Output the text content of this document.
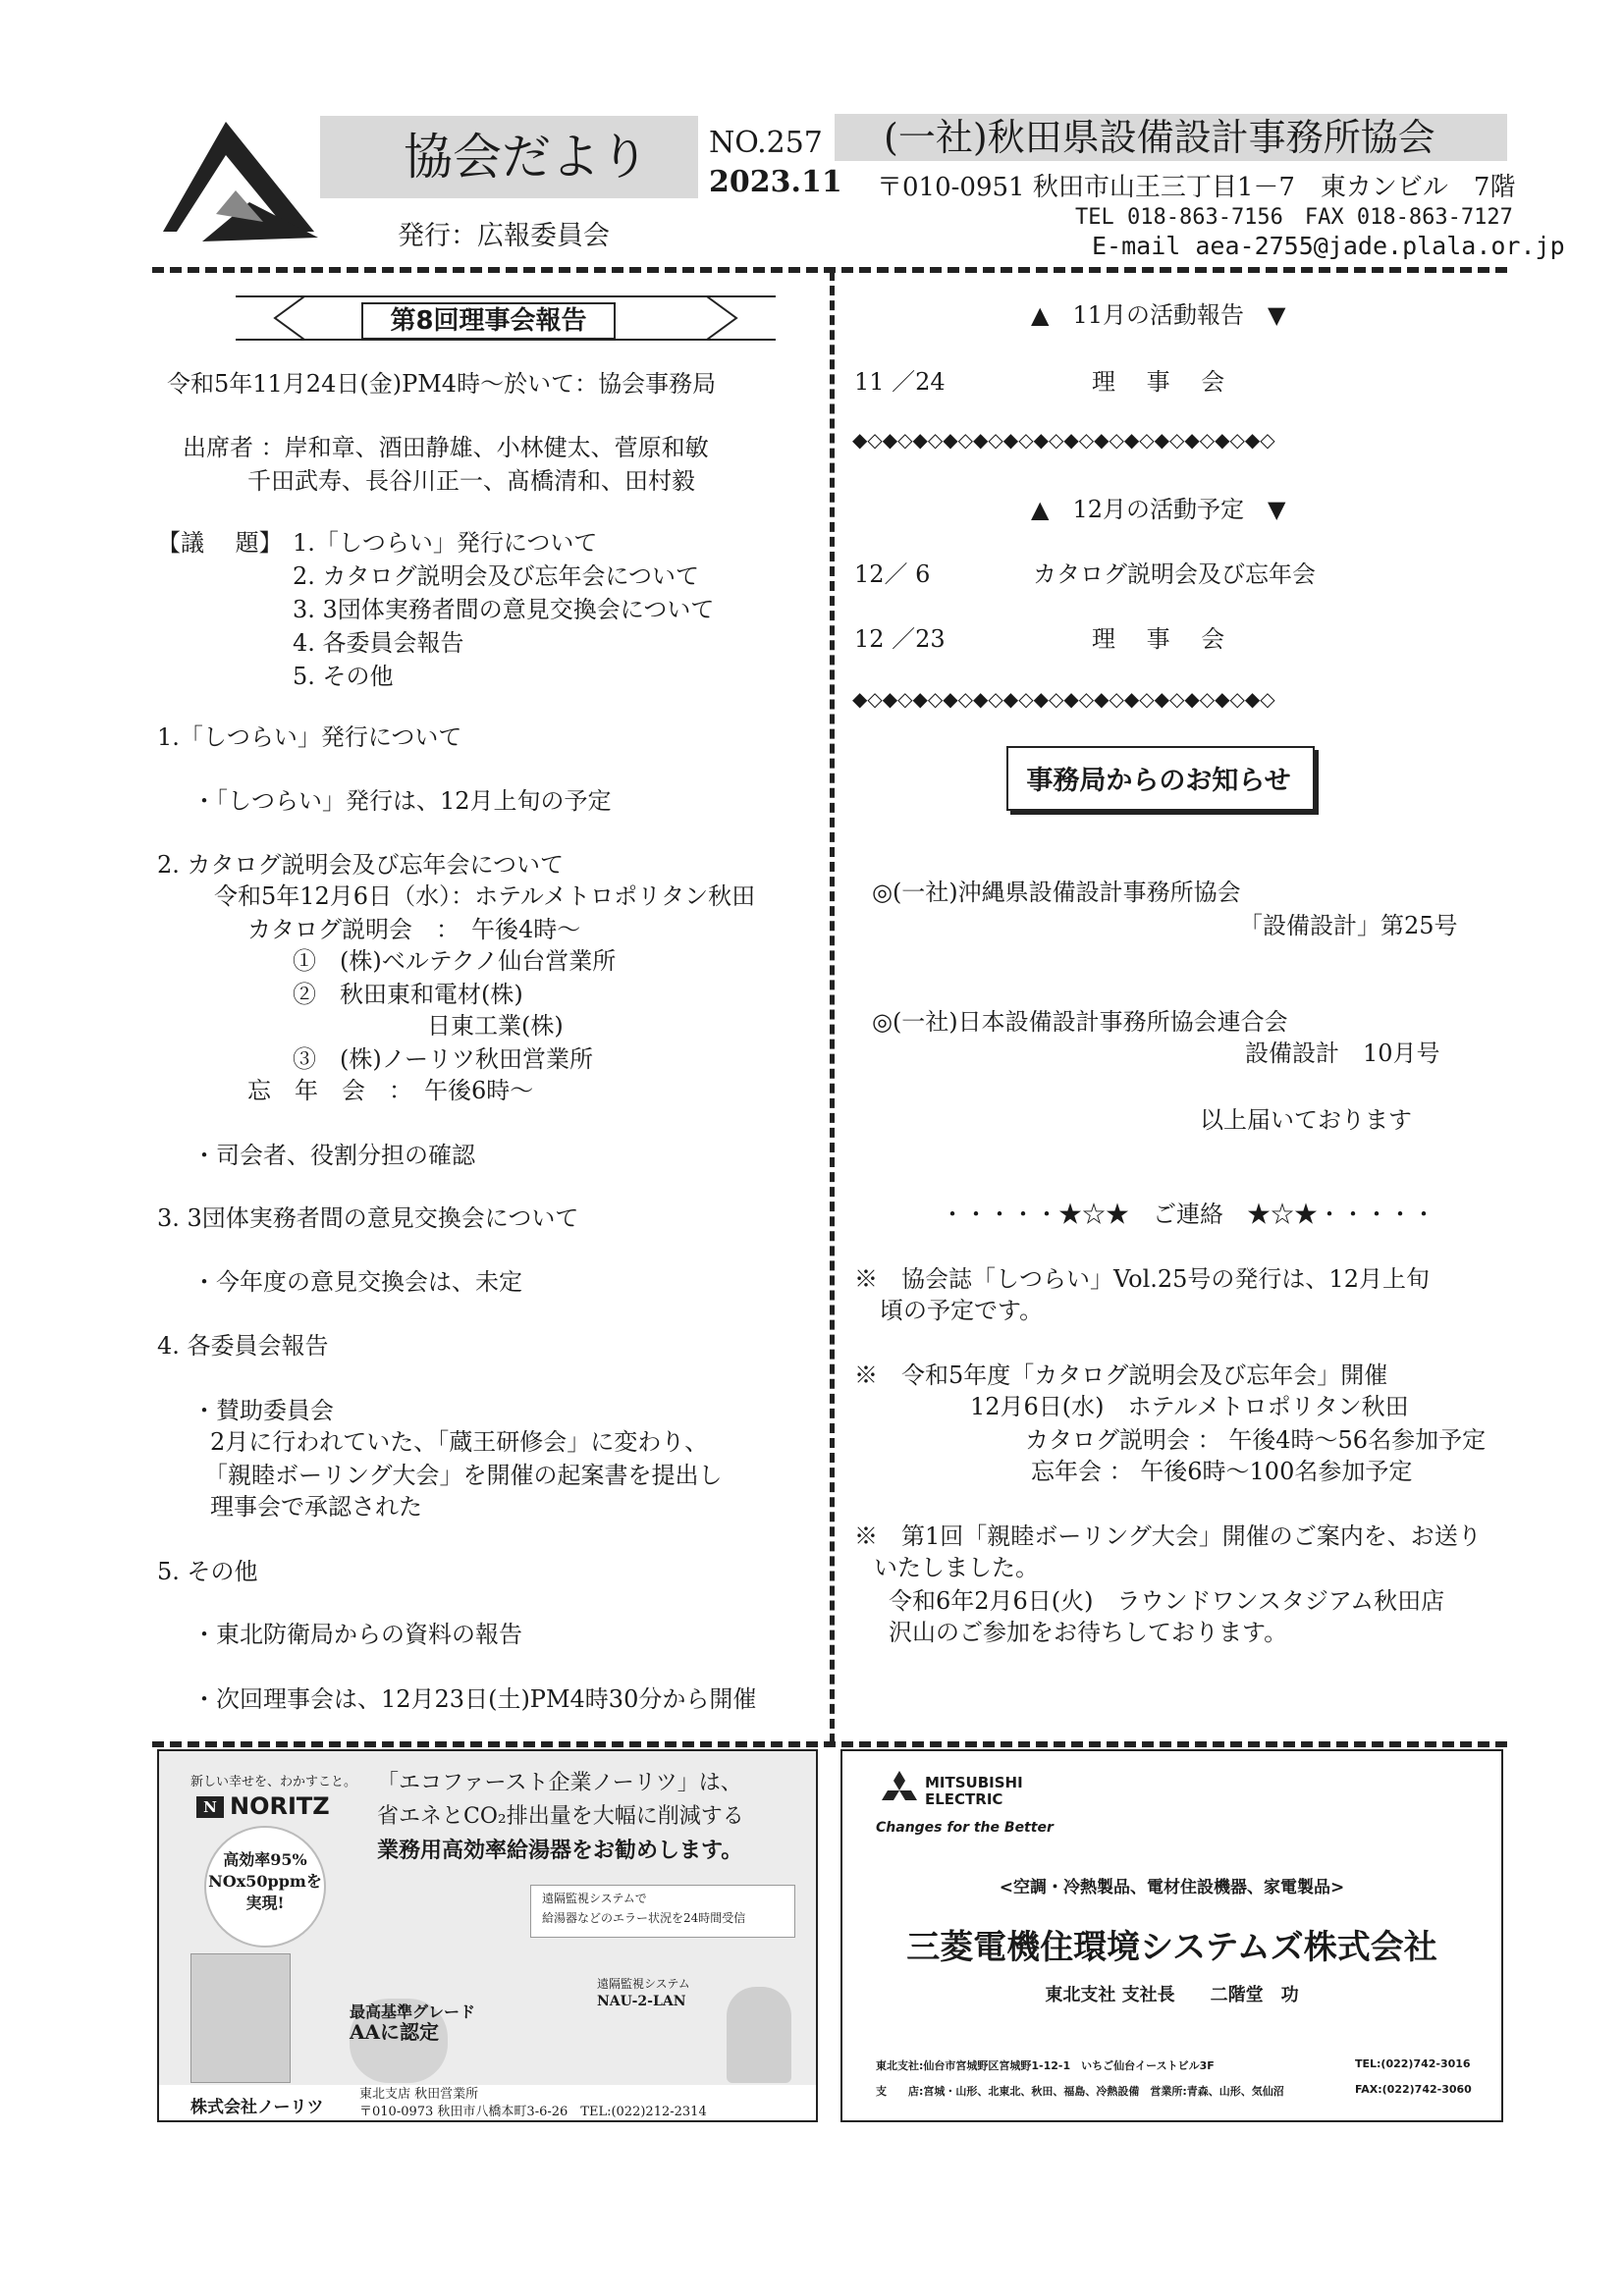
協会だより	NO.257
2023.11
発行：広報委員会
(一社)秋田県設備設計事務所協会
〒010-0951 秋田市山王三丁目1－7　東カンビル　7階
TEL 018-863-7156　FAX 018-863-7127
E-mail aea-2755@jade.plala.or.jp
第8回理事会報告
令和5年11月24日(金)PM4時～於いて：協会事務局
出席者 ：岸和章、酒田静雄、小林健太、菅原和敏
千田武寿、長谷川正一、髙橋清和、田村毅
【議　 題】 1.「しつらい」発行について
2. カタログ説明会及び忘年会について
3. 3団体実務者間の意見交換会について
4. 各委員会報告
5. その他
1.「しつらい」発行について
・「しつらい」発行は、12月上旬の予定
2. カタログ説明会及び忘年会について
令和5年12月6日（水）：ホテルメトロポリタン秋田
カタログ説明会　：　午後4時～
①　(株)ベルテクノ仙台営業所
②　秋田東和電材(株)
日東工業(株)
③　(株)ノーリツ秋田営業所
忘　年　会　：　午後6時～
・司会者、役割分担の確認
3. 3団体実務者間の意見交換会について
・今年度の意見交換会は、未定
4. 各委員会報告
・賛助委員会
2月に行われていた、「蔵王研修会」に変わり、
「親睦ボーリング大会」を開催の起案書を提出し
理事会で承認された
5. その他
・東北防衛局からの資料の報告
・次回理事会は、12月23日(土)PM4時30分から開催
▲　11月の活動報告　▼
11 ／24	理　 事　 会
◆◇◆◇◆◇◆◇◆◇◆◇◆◇◆◇◆◇◆◇◆◇◆◇◆◇◆◇
▲　12月の活動予定　▼
12／ 6	カタログ説明会及び忘年会
12 ／23	理　 事　 会
◆◇◆◇◆◇◆◇◆◇◆◇◆◇◆◇◆◇◆◇◆◇◆◇◆◇◆◇
事務局からのお知らせ
◎(一社)沖縄県設備設計事務所協会
「設備設計」第25号
◎(一社)日本設備設計事務所協会連合会
設備設計　10月号
以上届いております
・・・・・★☆★　ご連絡　★☆★・・・・・
※　協会誌「しつらい」Vol.25号の発行は、12月上旬
頃の予定です。
※　令和5年度「カタログ説明会及び忘年会」開催
12月6日(水)　ホテルメトロポリタン秋田
カタログ説明会 ： 午後4時～56名参加予定
忘年会 ： 午後6時～100名参加予定
※　第1回「親睦ボーリング大会」開催のご案内を、お送り
いたしました。
令和6年2月6日(火)　ラウンドワンスタジアム秋田店
沢山のご参加をお待ちしております。
新しい幸せを、わかすこと。
N NORITZ
「エコファースト企業ノーリツ」は、
省エネとCO₂排出量を大幅に削減する
業務用高効率給湯器をお勧めします。
高効率95%
NOx50ppmを
実現!	遠隔監視システムで
給湯器などのエラー状況を24時間受信
最高基準グレード
AAに認定
遠隔監視システム
NAU-2-LAN
株式会社ノーリツ
東北支店 秋田営業所
〒010-0973 秋田市八橋本町3-6-26　TEL:(022)212-2314
MITSUBISHI
ELECTRIC
Changes for the Better
<空調・冷熱製品、電材住設機器、家電製品>
三菱電機住環境システムズ株式会社
東北支社 支社長　　二階堂　功
東北支社:仙台市宮城野区宮城野1-12-1　いちご仙台イーストビル3F	TEL:(022)742-3016
支　　店:宮城・山形、北東北、秋田、福島、冷熱設備　営業所:青森、山形、気仙沼	FAX:(022)742-3060
